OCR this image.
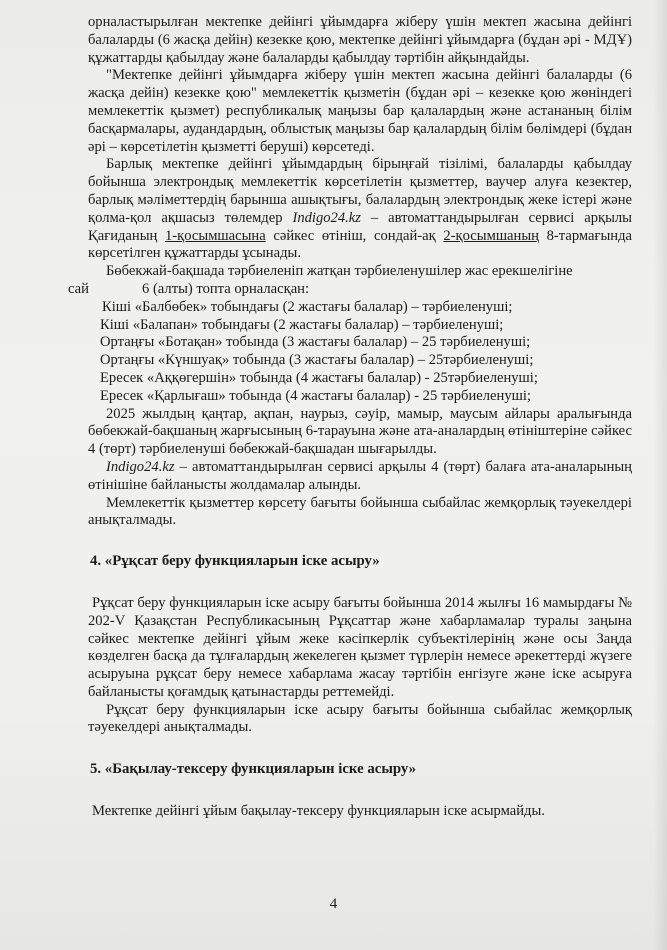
орналастырылған мектепке дейінгі ұйымдарға жіберу үшін мектеп жасына дейінгі балаларды (6 жасқа дейін) кезекке қою, мектепке дейінгі ұйымдарға (бұдан әрі - МДҰ) құжаттарды қабылдау және балаларды қабылдау тәртібін айқындайды.

"Мектепке дейінгі ұйымдарға жіберу үшін мектеп жасына дейінгі балаларды (6 жасқа дейін) кезекке қою" мемлекеттік қызметін (бұдан әрі – кезекке қою жөніндегі мемлекеттік қызмет) республикалық маңызы бар қалалардың және астананың білім басқармалары, аудандардың, облыстық маңызы бар қалалардың білім бөлімдері (бұдан әрі – көрсетілетін қызметті беруші) көрсетеді.

Барлық мектепке дейінгі ұйымдардың бірыңғай тізілімі, балаларды қабылдау бойынша электрондық мемлекеттік көрсетілетін қызметтер, ваучер алуға кезектер, барлық мәліметтердің барынша ашықтығы, балалардың электрондық жеке істері және қолма-қол ақшасыз төлемдер Indigo24.kz – автоматтандырылған сервисі арқылы Қағиданың 1-қосымшасына сәйкес өтініш, сондай-ақ 2-қосымшаның 8-тармағында көрсетілген құжаттарды ұсынады.

Бөбекжай-бақшада тәрбиеленіп жатқан тәрбиеленушілер жас ерекшелігіне

сай	6 (алты) топта орналасқан:

Кіші «Балбөбек» тобындағы (2 жастағы балалар) – тәрбиеленуші;

Кіші «Балапан» тобындағы (2 жастағы балалар) – тәрбиеленуші;

Ортаңғы «Ботақан» тобында (3 жастағы балалар) – 25 тәрбиеленуші;

Ортаңғы «Күншуақ» тобында (3 жастағы балалар) – 25тәрбиеленуші;

Ересек «Аққөгершін» тобында (4 жастағы балалар) - 25тәрбиеленуші;

Ересек «Қарлығаш» тобында (4 жастағы балалар) - 25 тәрбиеленуші;

2025 жылдың қаңтар, ақпан, наурыз, сәуір, мамыр, маусым айлары аралығында бөбекжай-бақшаның жарғысының 6-тарауына және ата-аналардың өтініштеріне сәйкес 4 (төрт) тәрбиеленуші бөбекжай-бақшадан шығарылды.

Indigo24.kz – автоматтандырылған сервисі арқылы 4 (төрт) балаға ата-аналарының өтінішіне байланысты жолдамалар алынды.

Мемлекеттік қызметтер көрсету бағыты бойынша сыбайлас жемқорлық тәуекелдері анықталмады.

4. «Рұқсат беру функцияларын іске асыру»

Рұқсат беру функцияларын іске асыру бағыты бойынша 2014 жылғы 16 мамырдағы № 202-V Қазақстан Республикасының Рұқсаттар және хабарламалар туралы заңына сәйкес мектепке дейінгі ұйым жеке кәсіпкерлік субъектілерінің және осы Заңда көзделген басқа да тұлғалардың жекелеген қызмет түрлерін немесе әрекеттерді жүзеге асыруына рұқсат беру немесе хабарлама жасау тәртібін енгізуге және іске асыруға байланысты қоғамдық қатынастарды реттемейді.

Рұқсат беру функцияларын іске асыру бағыты бойынша сыбайлас жемқорлық тәуекелдері анықталмады.

5. «Бақылау-тексеру функцияларын іске асыру»

Мектепке дейінгі ұйым бақылау-тексеру функцияларын іске асырмайды.

4
